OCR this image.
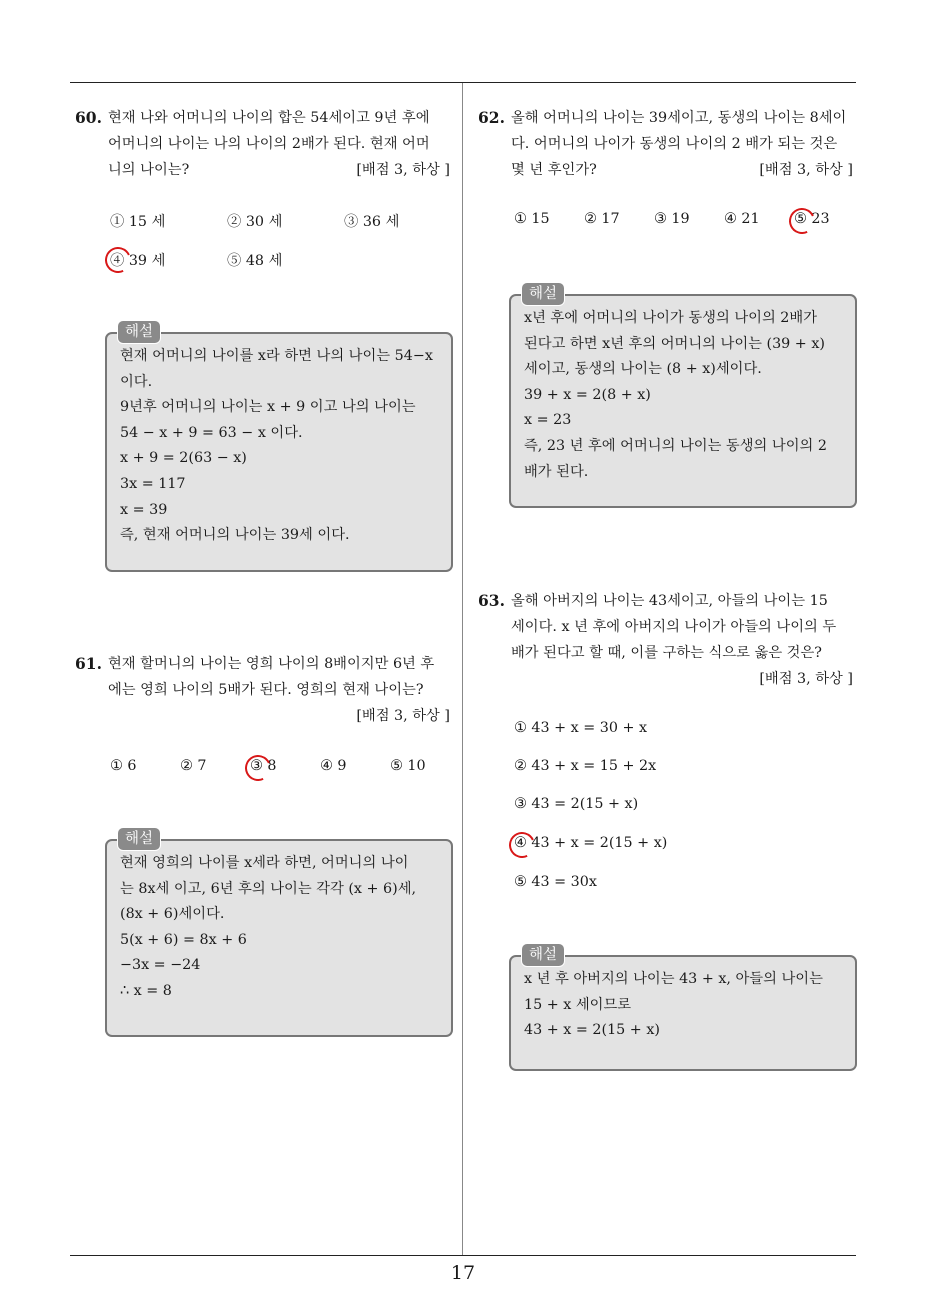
17
60. 현재 나와 어머니의 나이의 합은 54세이고 9년 후에
어머니의 나이는 나의 나이의 2배가 된다. 현재 어머
니의 나이는?	[배점 3, 하상 ]
① 15 세	② 30 세	③ 36 세
④ 39 세	⑤ 48 세
해설
현재 어머니의 나이를 x라 하면 나의 나이는 54−x
이다.
9년후 어머니의 나이는 x + 9 이고 나의 나이는
54 − x + 9 = 63 − x 이다.
x + 9 = 2(63 − x)
3x = 117
x = 39
즉, 현재 어머니의 나이는 39세 이다.
61. 현재 할머니의 나이는 영희 나이의 8배이지만 6년 후
에는 영희 나이의 5배가 된다. 영희의 현재 나이는?
[배점 3, 하상 ]
① 6	② 7	③ 8	④ 9	⑤ 10
해설
현재 영희의 나이를 x세라 하면, 어머니의 나이
는 8x세 이고, 6년 후의 나이는 각각 (x + 6)세,
(8x + 6)세이다.
5(x + 6) = 8x + 6
−3x = −24
∴ x = 8
62. 올해 어머니의 나이는 39세이고, 동생의 나이는 8세이
다. 어머니의 나이가 동생의 나이의 2 배가 되는 것은
몇 년 후인가?	[배점 3, 하상 ]
① 15 ② 17 ③ 19 ④ 21 ⑤ 23
해설
x년 후에 어머니의 나이가 동생의 나이의 2배가
된다고 하면 x년 후의 어머니의 나이는 (39 + x)
세이고, 동생의 나이는 (8 + x)세이다.
39 + x = 2(8 + x)
x = 23
즉, 23 년 후에 어머니의 나이는 동생의 나이의 2
배가 된다.
63. 올해 아버지의 나이는 43세이고, 아들의 나이는 15
세이다. x 년 후에 아버지의 나이가 아들의 나이의 두
배가 된다고 할 때, 이를 구하는 식으로 옳은 것은?
[배점 3, 하상 ]
① 43 + x = 30 + x
② 43 + x = 15 + 2x
③ 43 = 2(15 + x)
④ 43 + x = 2(15 + x)
⑤ 43 = 30x
해설
x 년 후 아버지의 나이는 43 + x, 아들의 나이는
15 + x 세이므로
43 + x = 2(15 + x)
